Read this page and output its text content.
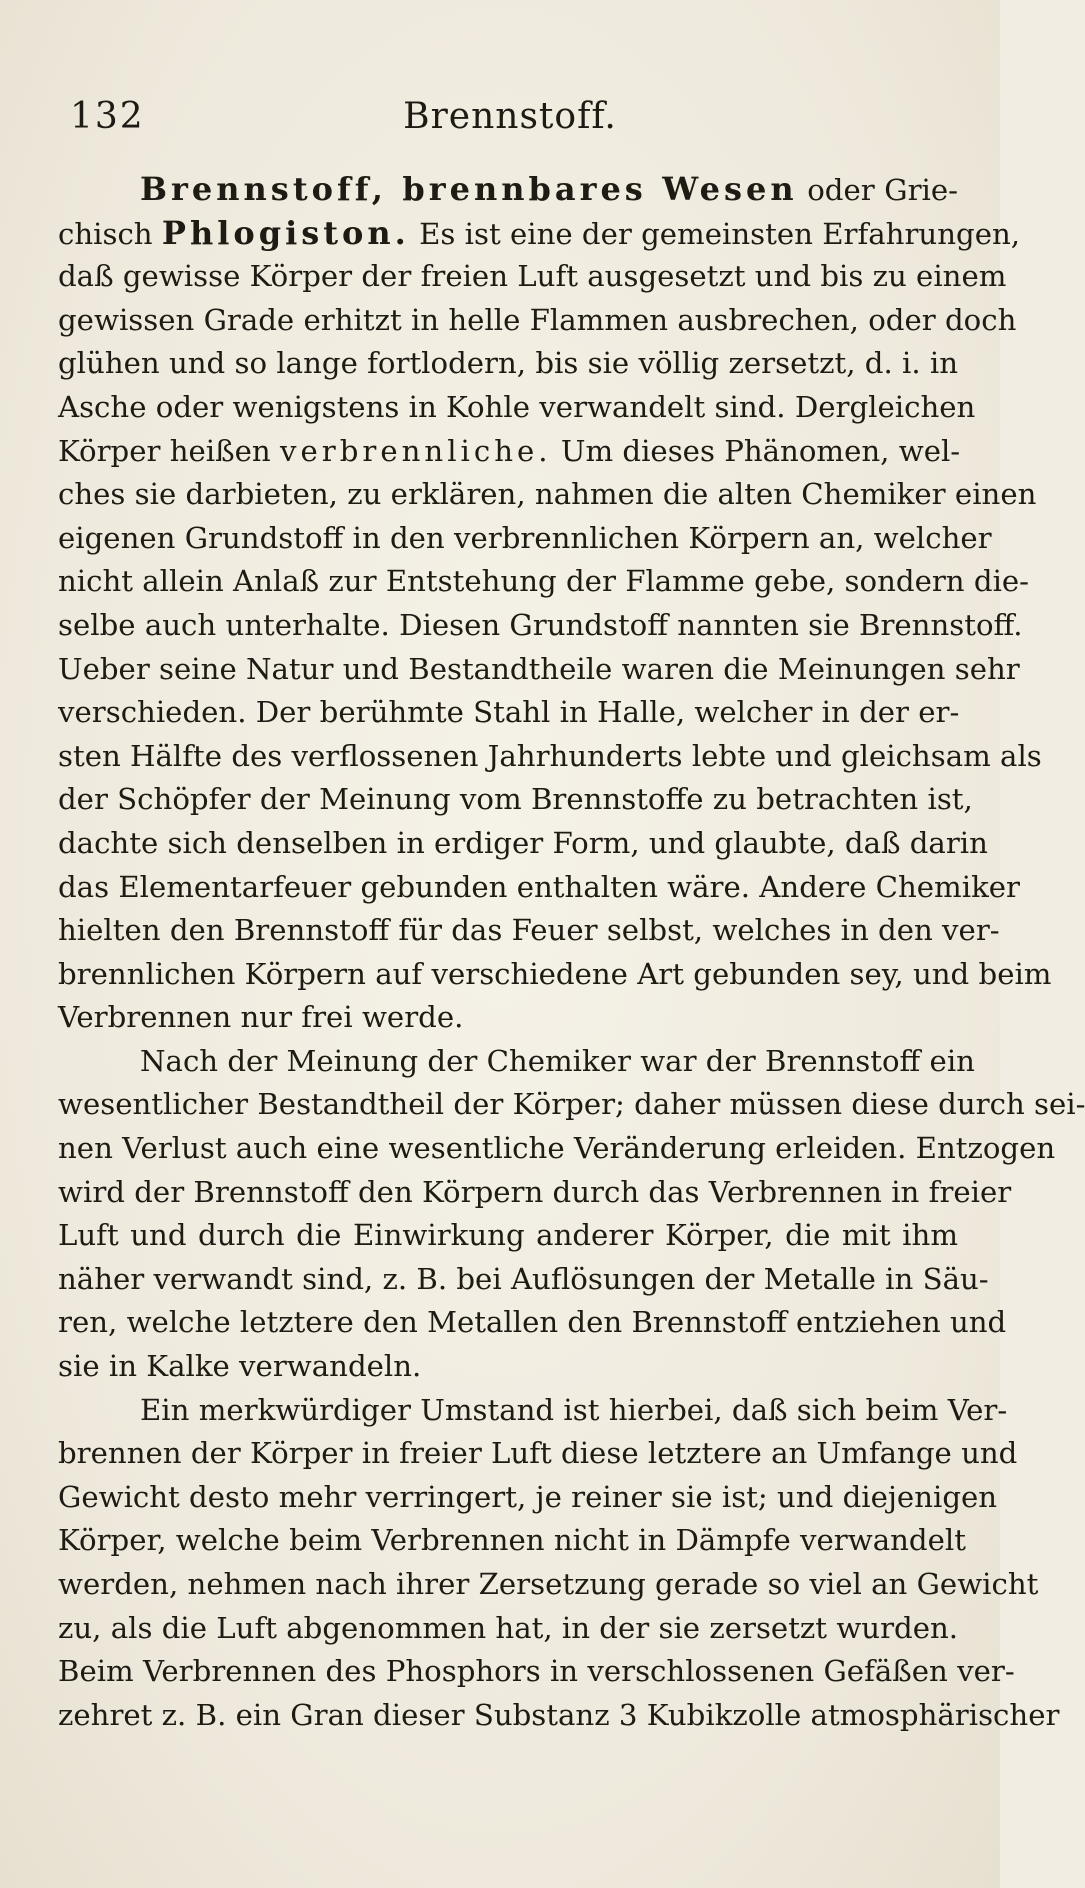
132	Brennstoff.
Brennstoff, brennbares Wesen oder Grie-
chisch Phlogiston. Es ist eine der gemeinsten Erfahrungen,
daß gewisse Körper der freien Luft ausgesetzt und bis zu einem
gewissen Grade erhitzt in helle Flammen ausbrechen, oder doch
glühen und so lange fortlodern, bis sie völlig zersetzt, d. i. in
Asche oder wenigstens in Kohle verwandelt sind. Dergleichen
Körper heißen verbrennliche. Um dieses Phänomen, wel-
ches sie darbieten, zu erklären, nahmen die alten Chemiker einen
eigenen Grundstoff in den verbrennlichen Körpern an, welcher
nicht allein Anlaß zur Entstehung der Flamme gebe, sondern die-
selbe auch unterhalte. Diesen Grundstoff nannten sie Brennstoff.
Ueber seine Natur und Bestandtheile waren die Meinungen sehr
verschieden. Der berühmte Stahl in Halle, welcher in der er-
sten Hälfte des verflossenen Jahrhunderts lebte und gleichsam als
der Schöpfer der Meinung vom Brennstoffe zu betrachten ist,
dachte sich denselben in erdiger Form, und glaubte, daß darin
das Elementarfeuer gebunden enthalten wäre. Andere Chemiker
hielten den Brennstoff für das Feuer selbst, welches in den ver-
brennlichen Körpern auf verschiedene Art gebunden sey, und beim
Verbrennen nur frei werde.
Nach der Meinung der Chemiker war der Brennstoff ein
wesentlicher Bestandtheil der Körper; daher müssen diese durch sei-
nen Verlust auch eine wesentliche Veränderung erleiden. Entzogen
wird der Brennstoff den Körpern durch das Verbrennen in freier
Luft und durch die Einwirkung anderer Körper, die mit ihm
näher verwandt sind, z. B. bei Auflösungen der Metalle in Säu-
ren, welche letztere den Metallen den Brennstoff entziehen und
sie in Kalke verwandeln.
Ein merkwürdiger Umstand ist hierbei, daß sich beim Ver-
brennen der Körper in freier Luft diese letztere an Umfange und
Gewicht desto mehr verringert, je reiner sie ist; und diejenigen
Körper, welche beim Verbrennen nicht in Dämpfe verwandelt
werden, nehmen nach ihrer Zersetzung gerade so viel an Gewicht
zu, als die Luft abgenommen hat, in der sie zersetzt wurden.
Beim Verbrennen des Phosphors in verschlossenen Gefäßen ver-
zehret z. B. ein Gran dieser Substanz 3 Kubikzolle atmosphärischer
